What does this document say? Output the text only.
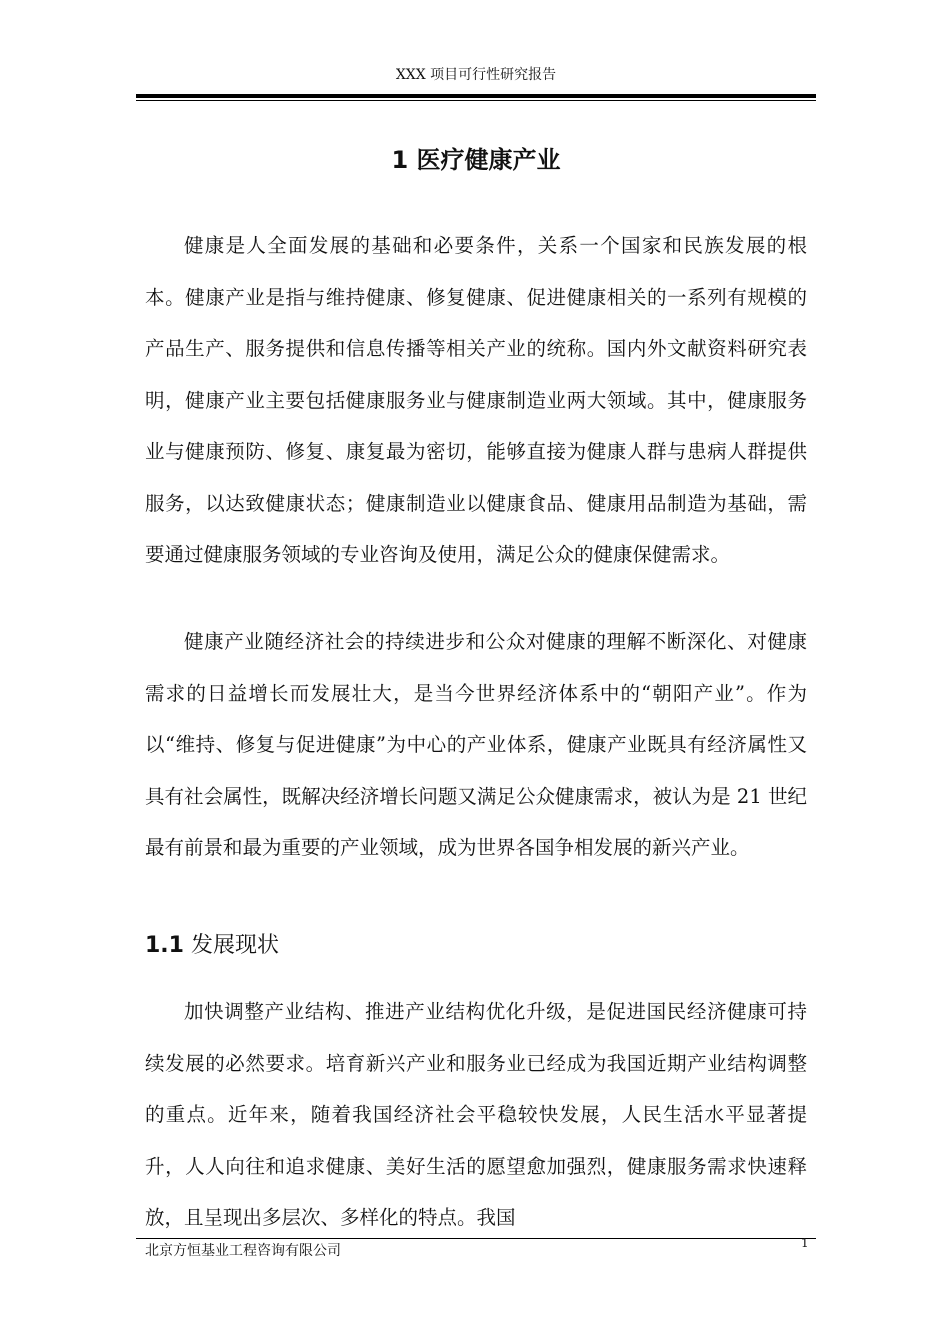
XXX 项目可行性研究报告
1 医疗健康产业

健康是人全面发展的基础和必要条件，关系一个国家和民族发展的根本。健康产业是指与维持健康、修复健康、促进健康相关的一系列有规模的产品生产、服务提供和信息传播等相关产业的统称。国内外文献资料研究表明，健康产业主要包括健康服务业与健康制造业两大领域。其中，健康服务业与健康预防、修复、康复最为密切，能够直接为健康人群与患病人群提供服务，以达致健康状态；健康制造业以健康食品、健康用品制造为基础，需要通过健康服务领域的专业咨询及使用，满足公众的健康保健需求。

健康产业随经济社会的持续进步和公众对健康的理解不断深化、对健康需求的日益增长而发展壮大，是当今世界经济体系中的“朝阳产业”。作为以“维持、修复与促进健康”为中心的产业体系，健康产业既具有经济属性又具有社会属性，既解决经济增长问题又满足公众健康需求，被认为是 21 世纪最有前景和最为重要的产业领域，成为世界各国争相发展的新兴产业。

1.1 发展现状

加快调整产业结构、推进产业结构优化升级，是促进国民经济健康可持续发展的必然要求。培育新兴产业和服务业已经成为我国近期产业结构调整的重点。近年来，随着我国经济社会平稳较快发展，人民生活水平显著提升，人人向往和追求健康、美好生活的愿望愈加强烈，健康服务需求快速释放，且呈现出多层次、多样化的特点。我国

北京方恒基业工程咨询有限公司	1
